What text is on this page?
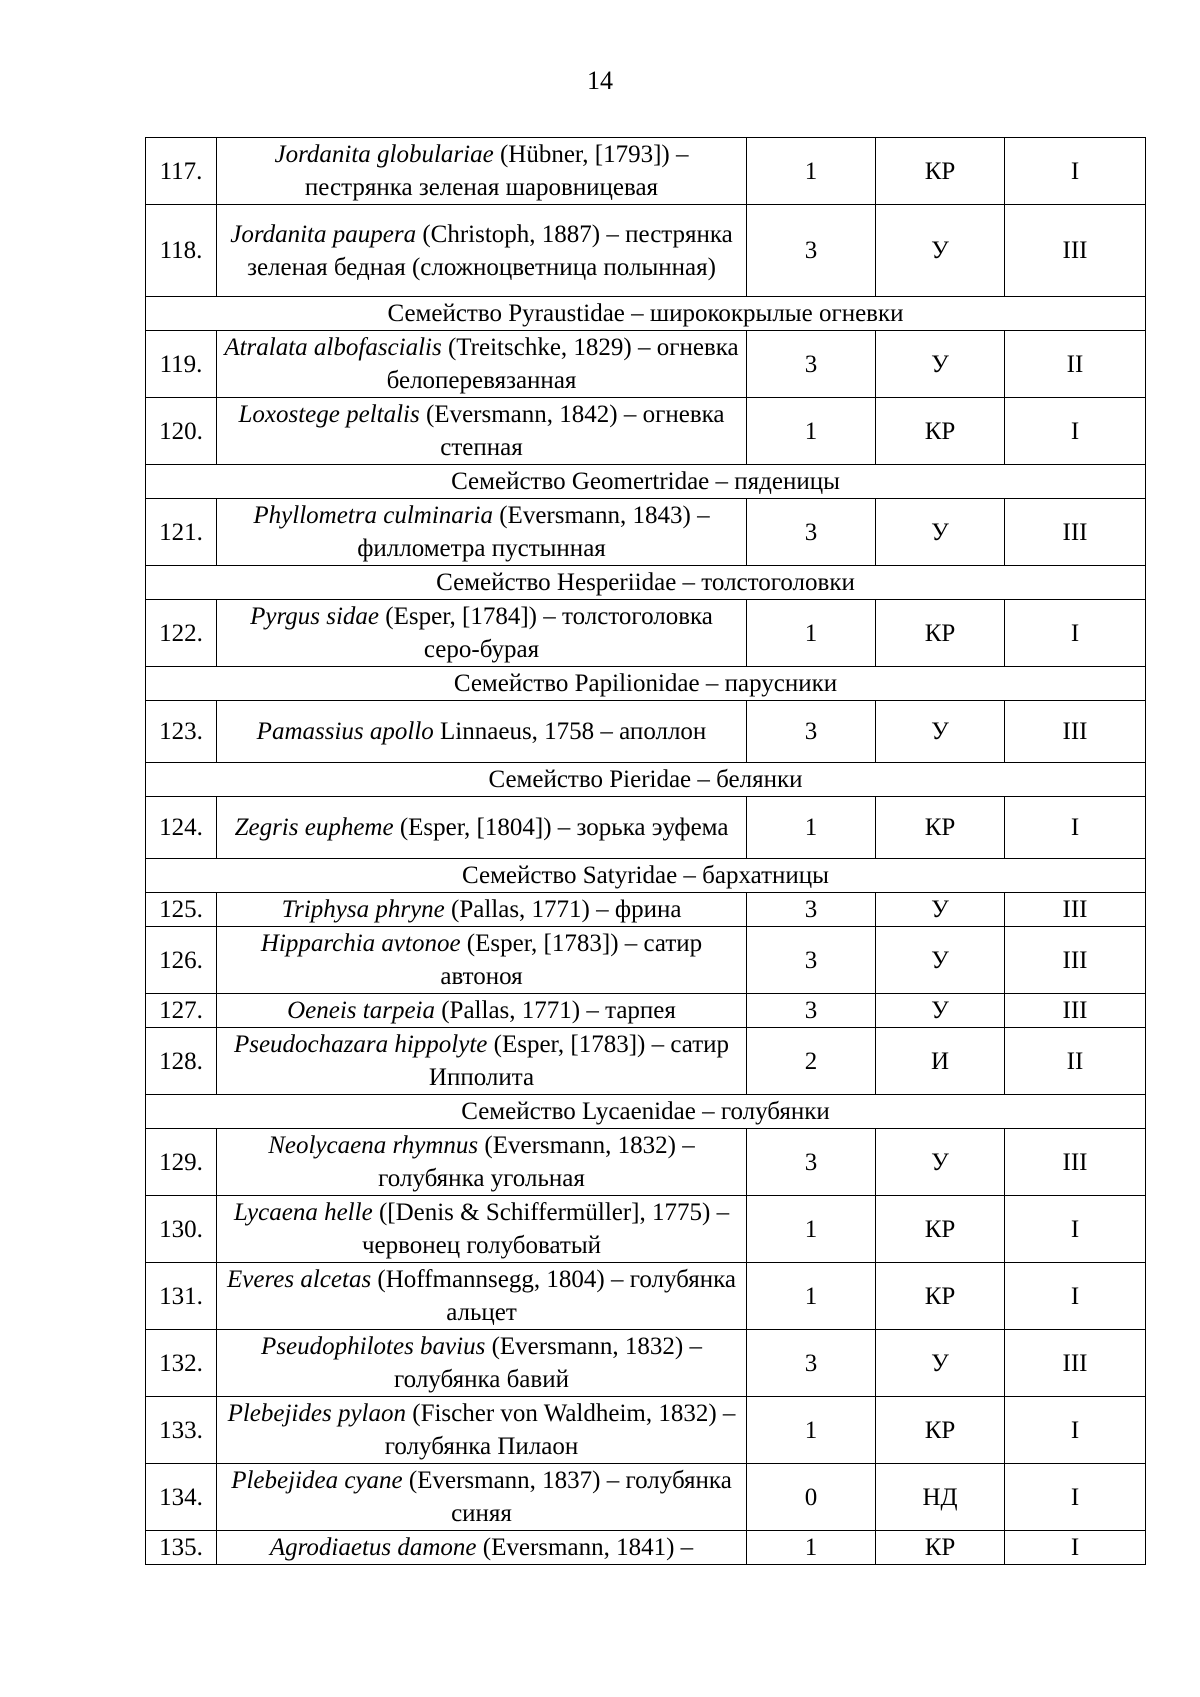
14
117.	Jordanita globulariae (Hübner, [1793]) – пестрянка зеленая шаровницевая	1	КР	I
118.	Jordanita paupera (Christoph, 1887) – пестрянка зеленая бедная (сложноцветница полынная)	3	У	III
Семейство Pyraustidae – ширококрылые огневки				
119.	Atralata albofascialis (Treitschke, 1829) – огневка белоперевязанная	3	У	II
120.	Loxostege peltalis (Eversmann, 1842) – огневка степная	1	КР	I
Семейство Geomertridae – пяденицы				
121.	Phyllometra culminaria (Eversmann, 1843) – филлометра пустынная	3	У	III
Семейство Hesperiidae – толстоголовки				
122.	Pyrgus sidae (Esper, [1784]) – толстоголовка серо-бурая	1	КР	I
Семейство Papilionidae – парусники				
123.	Pamassius apollo Linnaeus, 1758 – аполлон	3	У	III
Семейство Pieridae – белянки				
124.	Zegris eupheme (Esper, [1804]) – зорька эуфема	1	КР	I
Семейство Satyridae – бархатницы				
125.	Triphysa phryne (Pallas, 1771) – фрина	3	У	III
126.	Hipparchia avtonoe (Esper, [1783]) – сатир автоноя	3	У	III
127.	Oeneis tarpeia (Pallas, 1771) – тарпея	3	У	III
128.	Pseudochazara hippolyte (Esper, [1783]) – сатир Ипполита	2	И	II
Семейство Lycaenidae – голубянки				
129.	Neolycaena rhymnus (Eversmann, 1832) – голубянка угольная	3	У	III
130.	Lycaena helle ([Denis & Schiffermüller], 1775) – червонец голубоватый	1	КР	I
131.	Everes alcetas (Hoffmannsegg, 1804) – голубянка альцет	1	КР	I
132.	Pseudophilotes bavius (Eversmann, 1832) – голубянка бавий	3	У	III
133.	Plebejides pylaon (Fischer von Waldheim, 1832) – голубянка Пилаон	1	КР	I
134.	Plebejidea cyane (Eversmann, 1837) – голубянка синяя	0	НД	I
135.	Agrodiaetus damone (Eversmann, 1841) –	1	КР	I
